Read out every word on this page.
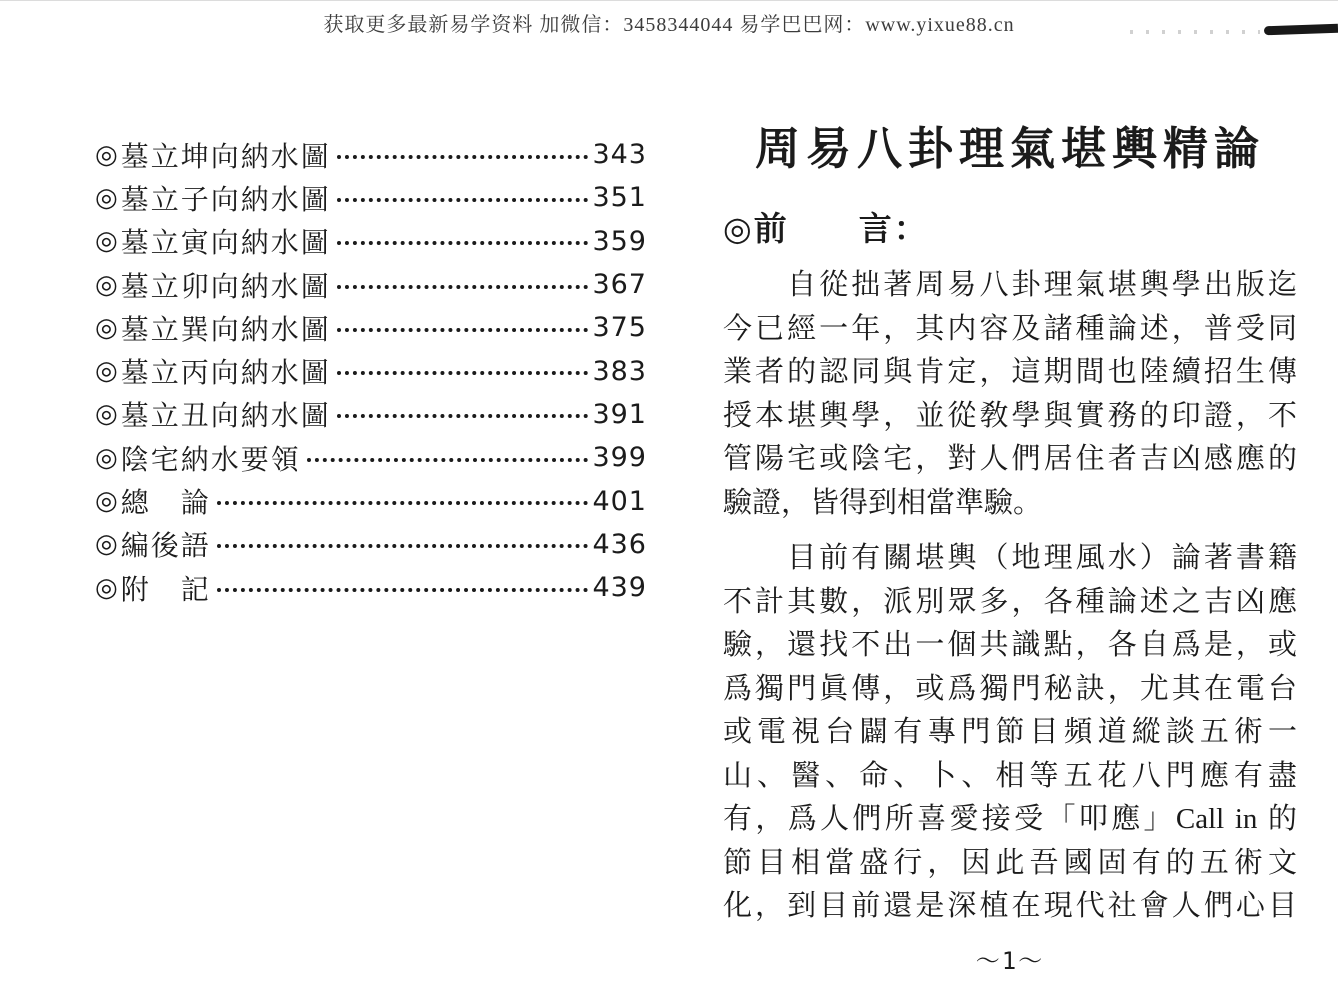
获取更多最新易学资料 加微信：3458344044 易学巴巴网：www.yixue88.cn
◎ 墓立坤向納水圖	343
◎ 墓立子向納水圖	351
◎ 墓立寅向納水圖	359
◎ 墓立卯向納水圖	367
◎ 墓立巽向納水圖	375
◎ 墓立丙向納水圖	383
◎ 墓立丑向納水圖	391
◎ 陰宅納水要領	399
◎ 總　論	401
◎ 編後語	436
◎ 附　記	439
周易八卦理氣堪輿精論
◎前　　言：
　　自從拙著周易八卦理氣堪輿學出版迄
今已經一年，其内容及諸種論述，普受同
業者的認同與肯定，這期間也陸續招生傳
授本堪輿學，並從敎學與實務的印證，不
管陽宅或陰宅，對人們居住者吉凶感應的
驗證，皆得到相當準驗。
　　目前有關堪輿（地理風水）論著書籍
不計其數，派別眾多，各種論述之吉凶應
驗，還找不出一個共識點，各自爲是，或
爲獨門眞傳，或爲獨門秘訣，尤其在電台
或電視台闢有專門節目頻道縱談五術一
山、醫、命、卜、相等五花八門應有盡
有，爲人們所喜愛接受「叩應」Call in 的
節目相當盛行，因此吾國固有的五術文
化，到目前還是深植在現代社會人們心目
～1～
